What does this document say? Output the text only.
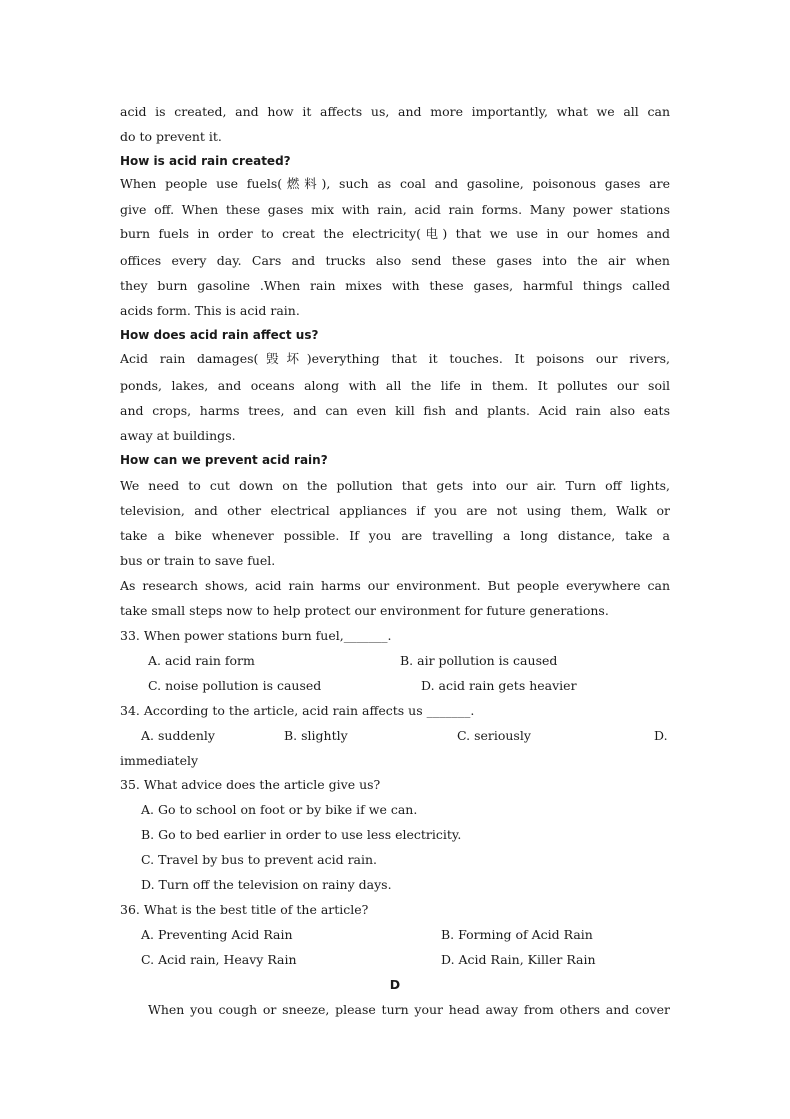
acid is created, and how it affects us, and more importantly, what we all can
do to prevent it.
How is acid rain created?
When people use fuels(燃料), such as coal and gasoline, poisonous gases are
give off. When these gases mix with rain, acid rain forms. Many power stations
burn fuels in order to creat the electricity(电) that we use in our homes and
offices every day. Cars and trucks also send these gases into the air when
they burn gasoline .When rain mixes with these gases, harmful things called
acids form. This is acid rain.
How does acid rain affect us?
Acid rain damages(毁坏)everything that it touches. It poisons our rivers,
ponds, lakes, and oceans along with all the life in them. It pollutes our soil
and crops, harms trees, and can even kill fish and plants. Acid rain also eats
away at buildings.
How can we prevent acid rain?
We need to cut down on the pollution that gets into our air. Turn off lights,
television, and other electrical appliances if you are not using them, Walk or
take a bike whenever possible. If you are travelling a long distance, take a
bus or train to save fuel.
As research shows, acid rain harms our environment. But people everywhere can
take small steps now to help protect our environment for future generations.
33. When power stations burn fuel,_______.
A. acid rain form	B. air pollution is caused
C. noise pollution is caused	D. acid rain gets heavier
34. According to the article, acid rain affects us _______.
A. suddenly	B. slightly	C. seriously	D.
immediately
35. What advice does the article give us?
A. Go to school on foot or by bike if we can.
B. Go to bed earlier in order to use less electricity.
C. Travel by bus to prevent acid rain.
D. Turn off the television on rainy days.
36. What is the best title of the article?
A. Preventing Acid Rain	B. Forming of Acid Rain
C. Acid rain, Heavy Rain	D. Acid Rain, Killer Rain
D
When you cough or sneeze, please turn your head away from others and cover
